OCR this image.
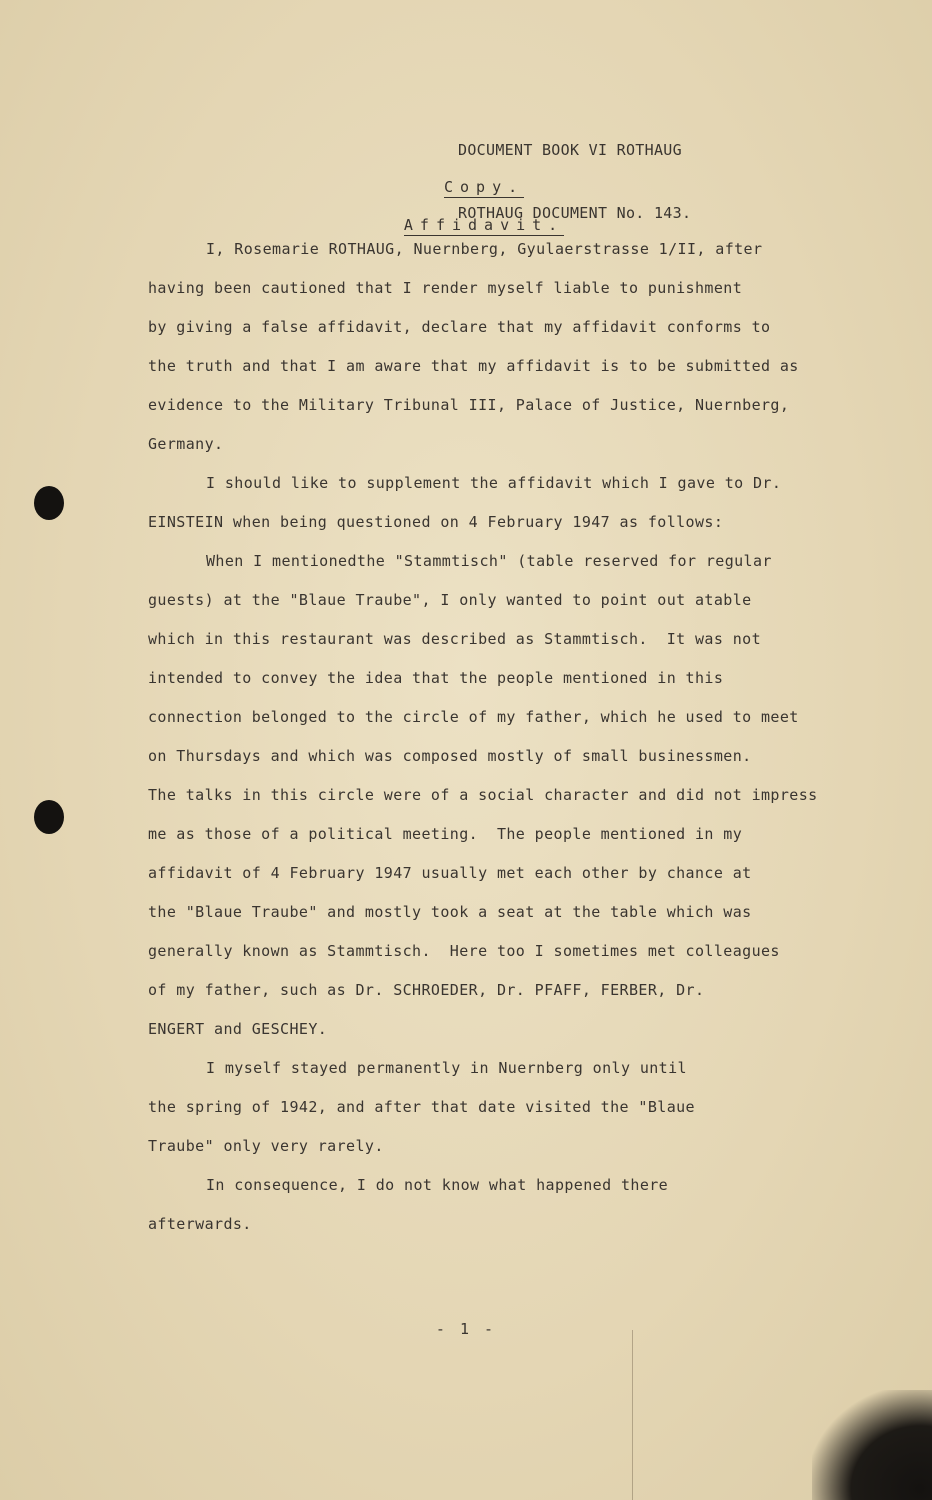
DOCUMENT BOOK VI ROTHAUG

ROTHAUG DOCUMENT No. 143.

Copy.

Affidavit.

I, Rosemarie ROTHAUG, Nuernberg, Gyulaerstrasse 1/II, after
having been cautioned that I render myself liable to punishment
by giving a false affidavit, declare that my affidavit conforms to
the truth and that I am aware that my affidavit is to be submitted as
evidence to the Military Tribunal III, Palace of Justice, Nuernberg,
Germany.
I should like to supplement the affidavit which I gave to Dr.
EINSTEIN when being questioned on 4 February 1947 as follows:
When I mentionedthe "Stammtisch" (table reserved for regular
guests) at the "Blaue Traube", I only wanted to point out atable
which in this restaurant was described as Stammtisch.  It was not
intended to convey the idea that the people mentioned in this
connection belonged to the circle of my father, which he used to meet
on Thursdays and which was composed mostly of small businessmen.
The talks in this circle were of a social character and did not impress
me as those of a political meeting.  The people mentioned in my
affidavit of 4 February 1947 usually met each other by chance at
the "Blaue Traube" and mostly took a seat at the table which was
generally known as Stammtisch.  Here too I sometimes met colleagues
of my father, such as Dr. SCHROEDER, Dr. PFAFF, FERBER, Dr.
ENGERT and GESCHEY.
I myself stayed permanently in Nuernberg only until
the spring of 1942, and after that date visited the "Blaue
Traube" only very rarely.
In consequence, I do not know what happened there
afterwards.
- 1 -
